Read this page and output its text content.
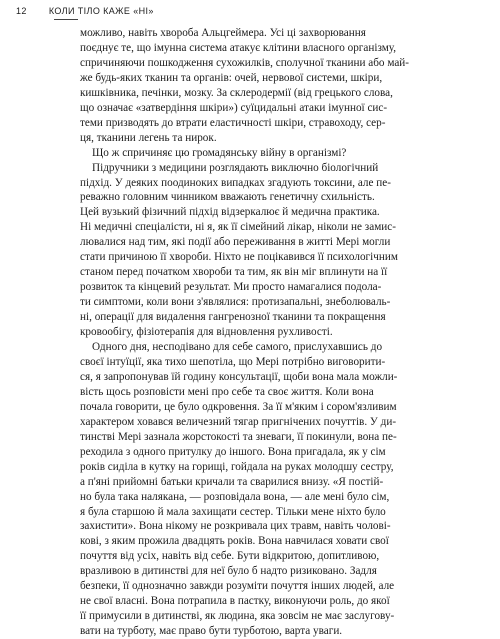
12 КОЛИ ТІЛО КАЖЕ «НІ»
можливо, навіть хвороба Альцгеймера. Усі ці захворювання
поєднує те, що імунна система атакує клітини власного організму,
спричиняючи пошкодження сухожилків, сполучної тканини або май-
же будь-яких тканин та органів: очей, нервової системи, шкіри,
кишківника, печінки, мозку. За склеродермії (від грецького слова,
що означає «затвердіння шкіри») суїцидальні атаки імунної сис-
теми призводять до втрати еластичності шкіри, стравоходу, сер-
ця, тканини легень та нирок.
Що ж спричиняє цю громадянську війну в організмі?
Підручники з медицини розглядають виключно біологічний
підхід. У деяких поодиноких випадках згадують токсини, але пе-
реважно головним чинником вважають генетичну схильність.
Цей вузький фізичний підхід відзеркалює й медична практика.
Ні медичні спеціалісти, ні я, як її сімейний лікар, ніколи не замис-
лювалися над тим, які події або переживання в житті Мері могли
стати причиною її хвороби. Ніхто не поцікавився її психологічним
станом перед початком хвороби та тим, як він міг вплинути на її
розвиток та кінцевий результат. Ми просто намагалися подола-
ти симптоми, коли вони з'являлися: протизапальні, знеболюваль-
ні, операції для видалення гангренозної тканини та покращення
кровообігу, фізіотерапія для відновлення рухливості.
Одного дня, несподівано для себе самого, прислухавшись до
своєї інтуїції, яка тихо шепотіла, що Мері потрібно виговорити-
ся, я запропонував їй годину консультації, щоби вона мала можли-
вість щось розповісти мені про себе та своє життя. Коли вона
почала говорити, це було одкровення. За її м'яким і сором'язливим
характером ховався величезний тягар пригнічених почуттів. У ди-
тинстві Мері зазнала жорстокості та зневаги, її покинули, вона пе-
реходила з одного притулку до іншого. Вона пригадала, як у сім
років сиділа в кутку на горищі, гойдала на руках молодшу сестру,
а п'яні прийомні батьки кричали та сварилися внизу. «Я постій-
но була така налякана, — розповідала вона, — але мені було сім,
я була старшою й мала захищати сестер. Тільки мене ніхто було
захистити». Вона нікому не розкривала цих травм, навіть чолові-
кові, з яким прожила двадцять років. Вона навчилася ховати свої
почуття від усіх, навіть від себе. Бути відкритою, допитливою,
вразливою в дитинстві для неї було б надто ризиковано. Задля
безпеки, її однозначно завжди розуміти почуття інших людей, але
не свої власні. Вона потрапила в пастку, виконуючи роль, до якої
її примусили в дитинстві, як людина, яка зовсім не має заслугову-
вати на турботу, має право бути турботою, варта уваги.
